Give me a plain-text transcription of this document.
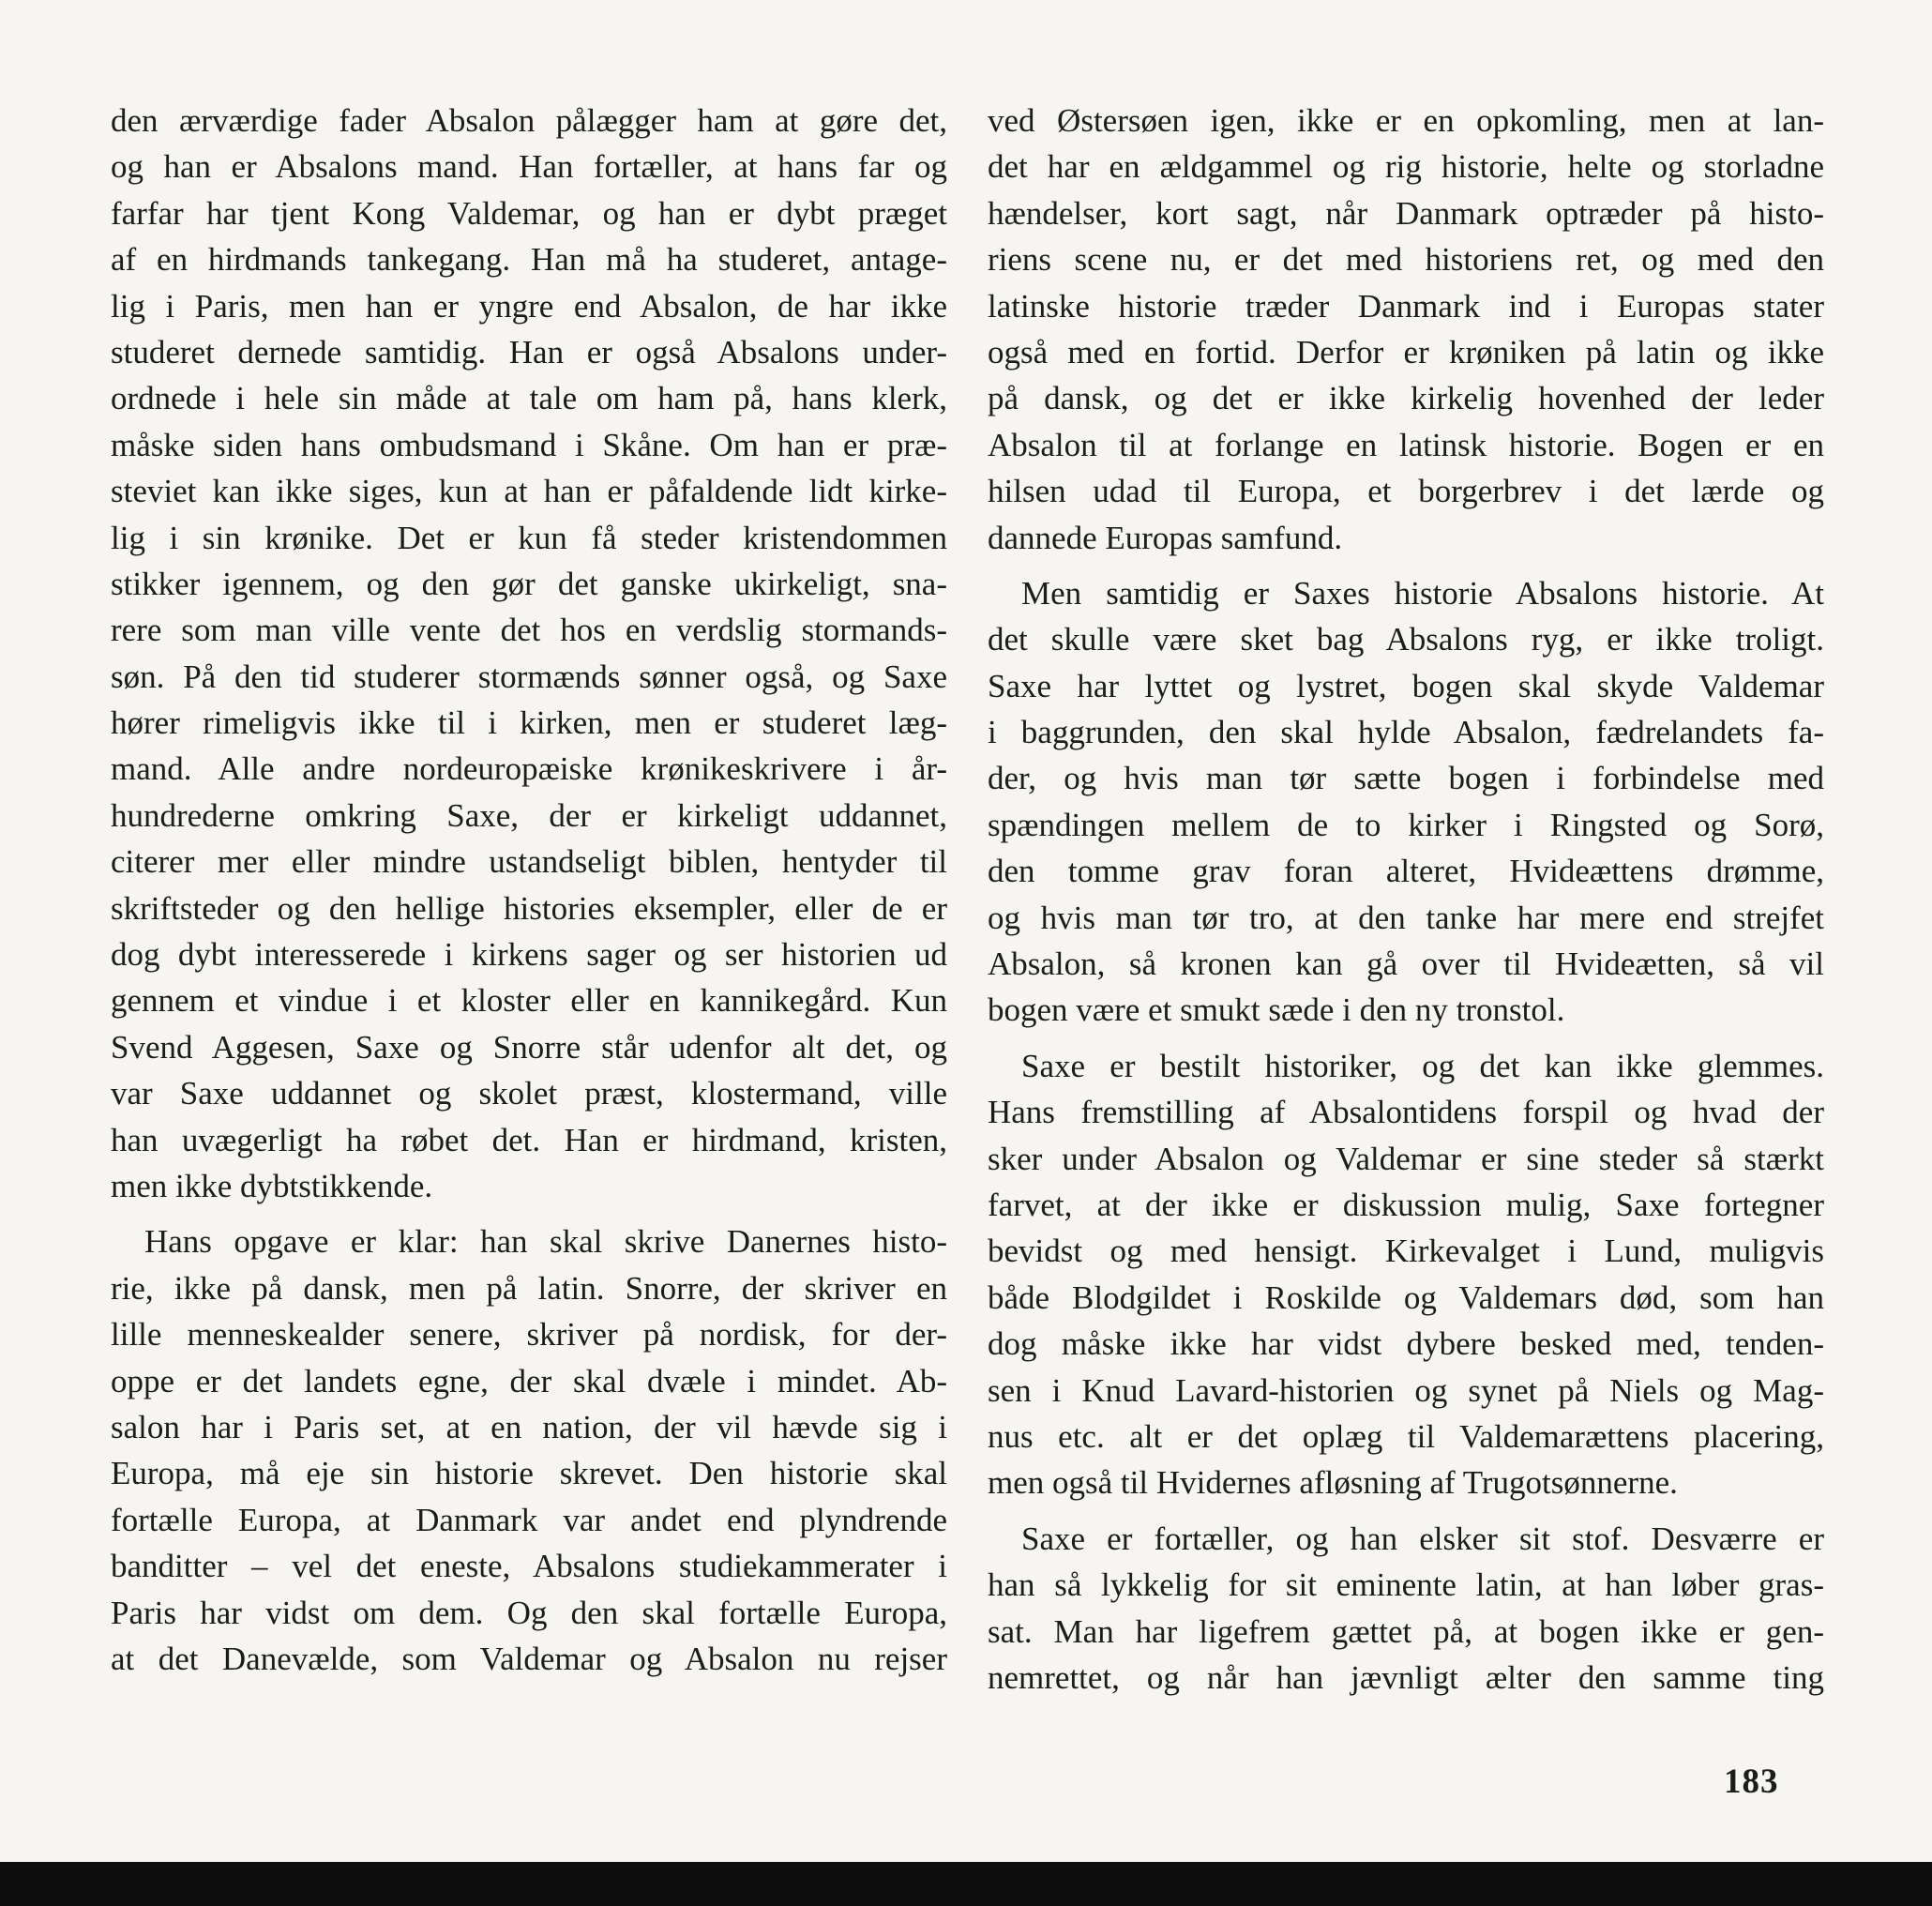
den ærværdige fader Absalon pålægger ham at gøre det,
og han er Absalons mand. Han fortæller, at hans far og
farfar har tjent Kong Valdemar, og han er dybt præget
af en hirdmands tankegang. Han må ha studeret, antage-
lig i Paris, men han er yngre end Absalon, de har ikke
studeret dernede samtidig. Han er også Absalons under-
ordnede i hele sin måde at tale om ham på, hans klerk,
måske siden hans ombudsmand i Skåne. Om han er præ-
steviet kan ikke siges, kun at han er påfaldende lidt kirke-
lig i sin krønike. Det er kun få steder kristendommen
stikker igennem, og den gør det ganske ukirkeligt, sna-
rere som man ville vente det hos en verdslig stormands-
søn. På den tid studerer stormænds sønner også, og Saxe
hører rimeligvis ikke til i kirken, men er studeret læg-
mand. Alle andre nordeuropæiske krønikeskrivere i år-
hundrederne omkring Saxe, der er kirkeligt uddannet,
citerer mer eller mindre ustandseligt biblen, hentyder til
skriftsteder og den hellige histories eksempler, eller de er
dog dybt interesserede i kirkens sager og ser historien ud
gennem et vindue i et kloster eller en kannikegård. Kun
Svend Aggesen, Saxe og Snorre står udenfor alt det, og
var Saxe uddannet og skolet præst, klostermand, ville
han uvægerligt ha røbet det. Han er hirdmand, kristen,
men ikke dybtstikkende.
Hans opgave er klar: han skal skrive Danernes histo-
rie, ikke på dansk, men på latin. Snorre, der skriver en
lille menneskealder senere, skriver på nordisk, for der-
oppe er det landets egne, der skal dvæle i mindet. Ab-
salon har i Paris set, at en nation, der vil hævde sig i
Europa, må eje sin historie skrevet. Den historie skal
fortælle Europa, at Danmark var andet end plyndrende
banditter – vel det eneste, Absalons studiekammerater i
Paris har vidst om dem. Og den skal fortælle Europa,
at det Danevælde, som Valdemar og Absalon nu rejser
ved Østersøen igen, ikke er en opkomling, men at lan-
det har en ældgammel og rig historie, helte og storladne
hændelser, kort sagt, når Danmark optræder på histo-
riens scene nu, er det med historiens ret, og med den
latinske historie træder Danmark ind i Europas stater
også med en fortid. Derfor er krøniken på latin og ikke
på dansk, og det er ikke kirkelig hovenhed der leder
Absalon til at forlange en latinsk historie. Bogen er en
hilsen udad til Europa, et borgerbrev i det lærde og
dannede Europas samfund.
Men samtidig er Saxes historie Absalons historie. At
det skulle være sket bag Absalons ryg, er ikke troligt.
Saxe har lyttet og lystret, bogen skal skyde Valdemar
i baggrunden, den skal hylde Absalon, fædrelandets fa-
der, og hvis man tør sætte bogen i forbindelse med
spændingen mellem de to kirker i Ringsted og Sorø,
den tomme grav foran alteret, Hvideættens drømme,
og hvis man tør tro, at den tanke har mere end strejfet
Absalon, så kronen kan gå over til Hvideætten, så vil
bogen være et smukt sæde i den ny tronstol.
Saxe er bestilt historiker, og det kan ikke glemmes.
Hans fremstilling af Absalontidens forspil og hvad der
sker under Absalon og Valdemar er sine steder så stærkt
farvet, at der ikke er diskussion mulig, Saxe fortegner
bevidst og med hensigt. Kirkevalget i Lund, muligvis
både Blodgildet i Roskilde og Valdemars død, som han
dog måske ikke har vidst dybere besked med, tenden-
sen i Knud Lavard-historien og synet på Niels og Mag-
nus etc. alt er det oplæg til Valdemarættens placering,
men også til Hvidernes afløsning af Trugotsønnerne.
Saxe er fortæller, og han elsker sit stof. Desværre er
han så lykkelig for sit eminente latin, at han løber gras-
sat. Man har ligefrem gættet på, at bogen ikke er gen-
nemrettet, og når han jævnligt ælter den samme ting
183
